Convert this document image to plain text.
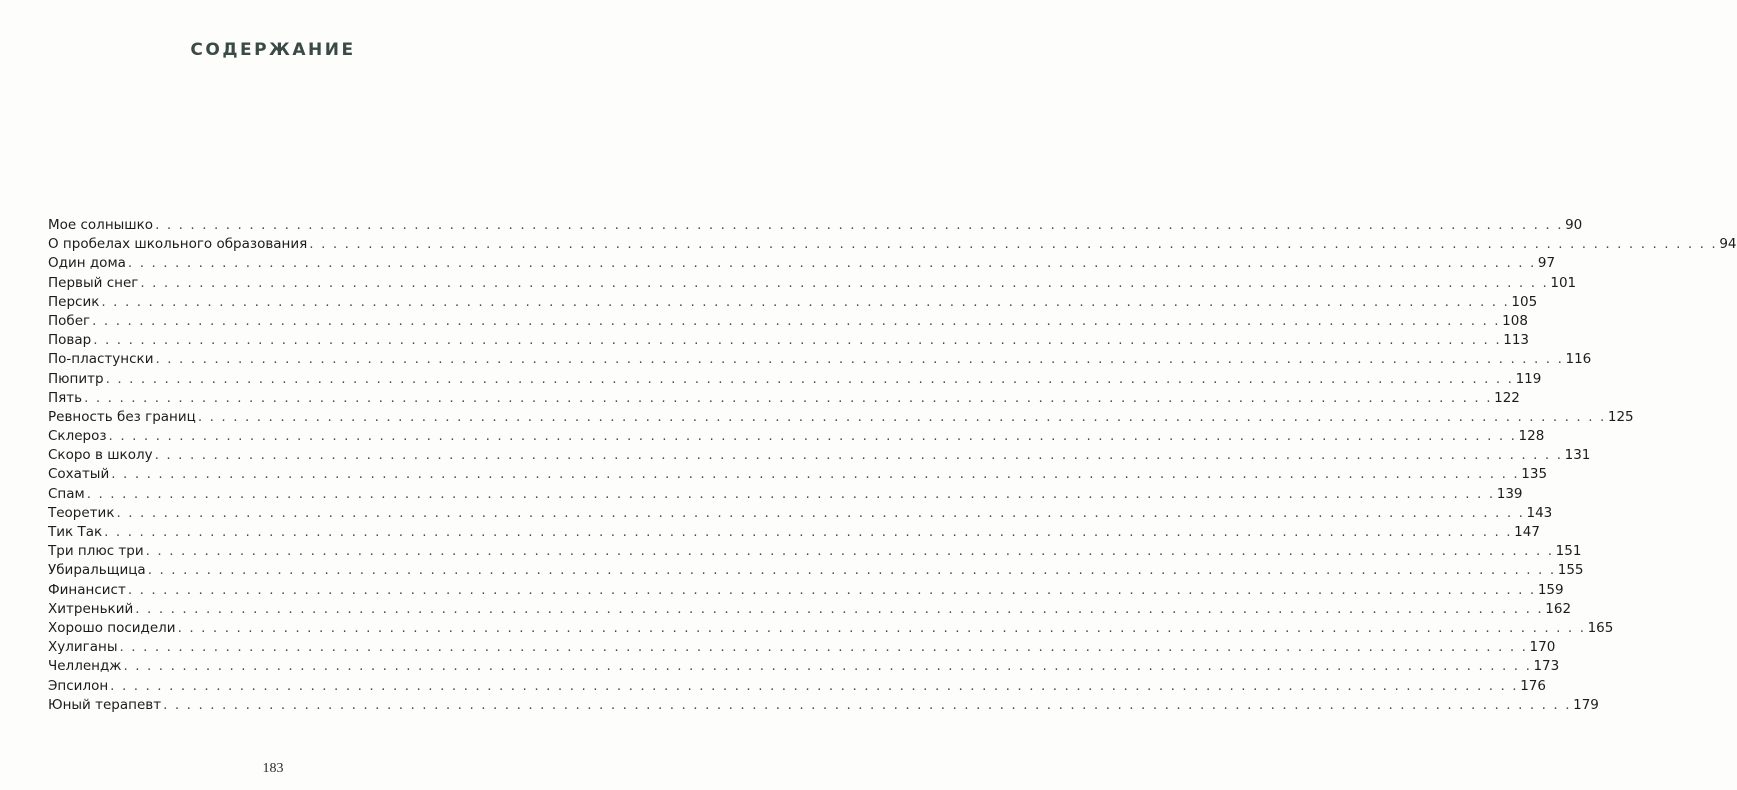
СОДЕРЖАНИЕ
Мое солнышко . . . . . . . . . . . . . . . . . . . . . . . . . . . . . . . . . . . . . . . . . . . . . . . . . . . . . . . . . . . . . . . . . . . . . . . . . . . . . . . . . . . . . . . . . . . . . . . . . . . . . . . . . . . . . . . . . . . . . . . . 90
О пробелах школьного образования . . . . . . . . . . . . . . . . . . . . . . . . . . . . . . . . . . . . . . . . . . . . . . . . . . . . . . . . . . . . . . . . . . . . . . . . . . . . . . . . . . . . . . . . . . . . . . . . . . . . . . . . . . . . . . . . . . . . . . . . 94
Один дома . . . . . . . . . . . . . . . . . . . . . . . . . . . . . . . . . . . . . . . . . . . . . . . . . . . . . . . . . . . . . . . . . . . . . . . . . . . . . . . . . . . . . . . . . . . . . . . . . . . . . . . . . . . . . . . . . . . . . . . . 97
Первый снег . . . . . . . . . . . . . . . . . . . . . . . . . . . . . . . . . . . . . . . . . . . . . . . . . . . . . . . . . . . . . . . . . . . . . . . . . . . . . . . . . . . . . . . . . . . . . . . . . . . . . . . . . . . . . . . . . . . . . . . . 101
Персик . . . . . . . . . . . . . . . . . . . . . . . . . . . . . . . . . . . . . . . . . . . . . . . . . . . . . . . . . . . . . . . . . . . . . . . . . . . . . . . . . . . . . . . . . . . . . . . . . . . . . . . . . . . . . . . . . . . . . . . . 105
Побег . . . . . . . . . . . . . . . . . . . . . . . . . . . . . . . . . . . . . . . . . . . . . . . . . . . . . . . . . . . . . . . . . . . . . . . . . . . . . . . . . . . . . . . . . . . . . . . . . . . . . . . . . . . . . . . . . . . . . . . . 108
Повар . . . . . . . . . . . . . . . . . . . . . . . . . . . . . . . . . . . . . . . . . . . . . . . . . . . . . . . . . . . . . . . . . . . . . . . . . . . . . . . . . . . . . . . . . . . . . . . . . . . . . . . . . . . . . . . . . . . . . . . . 113
По-пластунски . . . . . . . . . . . . . . . . . . . . . . . . . . . . . . . . . . . . . . . . . . . . . . . . . . . . . . . . . . . . . . . . . . . . . . . . . . . . . . . . . . . . . . . . . . . . . . . . . . . . . . . . . . . . . . . . . . . . . . . . 116
Пюпитр . . . . . . . . . . . . . . . . . . . . . . . . . . . . . . . . . . . . . . . . . . . . . . . . . . . . . . . . . . . . . . . . . . . . . . . . . . . . . . . . . . . . . . . . . . . . . . . . . . . . . . . . . . . . . . . . . . . . . . . . 119
Пять . . . . . . . . . . . . . . . . . . . . . . . . . . . . . . . . . . . . . . . . . . . . . . . . . . . . . . . . . . . . . . . . . . . . . . . . . . . . . . . . . . . . . . . . . . . . . . . . . . . . . . . . . . . . . . . . . . . . . . . . 122
Ревность без границ . . . . . . . . . . . . . . . . . . . . . . . . . . . . . . . . . . . . . . . . . . . . . . . . . . . . . . . . . . . . . . . . . . . . . . . . . . . . . . . . . . . . . . . . . . . . . . . . . . . . . . . . . . . . . . . . . . . . . . . . 125
Склероз . . . . . . . . . . . . . . . . . . . . . . . . . . . . . . . . . . . . . . . . . . . . . . . . . . . . . . . . . . . . . . . . . . . . . . . . . . . . . . . . . . . . . . . . . . . . . . . . . . . . . . . . . . . . . . . . . . . . . . . . 128
Скоро в школу . . . . . . . . . . . . . . . . . . . . . . . . . . . . . . . . . . . . . . . . . . . . . . . . . . . . . . . . . . . . . . . . . . . . . . . . . . . . . . . . . . . . . . . . . . . . . . . . . . . . . . . . . . . . . . . . . . . . . . . . 131
Сохатый . . . . . . . . . . . . . . . . . . . . . . . . . . . . . . . . . . . . . . . . . . . . . . . . . . . . . . . . . . . . . . . . . . . . . . . . . . . . . . . . . . . . . . . . . . . . . . . . . . . . . . . . . . . . . . . . . . . . . . . . 135
Спам . . . . . . . . . . . . . . . . . . . . . . . . . . . . . . . . . . . . . . . . . . . . . . . . . . . . . . . . . . . . . . . . . . . . . . . . . . . . . . . . . . . . . . . . . . . . . . . . . . . . . . . . . . . . . . . . . . . . . . . . 139
Теоретик . . . . . . . . . . . . . . . . . . . . . . . . . . . . . . . . . . . . . . . . . . . . . . . . . . . . . . . . . . . . . . . . . . . . . . . . . . . . . . . . . . . . . . . . . . . . . . . . . . . . . . . . . . . . . . . . . . . . . . . . 143
Тик Так . . . . . . . . . . . . . . . . . . . . . . . . . . . . . . . . . . . . . . . . . . . . . . . . . . . . . . . . . . . . . . . . . . . . . . . . . . . . . . . . . . . . . . . . . . . . . . . . . . . . . . . . . . . . . . . . . . . . . . . . 147
Три плюс три . . . . . . . . . . . . . . . . . . . . . . . . . . . . . . . . . . . . . . . . . . . . . . . . . . . . . . . . . . . . . . . . . . . . . . . . . . . . . . . . . . . . . . . . . . . . . . . . . . . . . . . . . . . . . . . . . . . . . . . . 151
Убиральщица . . . . . . . . . . . . . . . . . . . . . . . . . . . . . . . . . . . . . . . . . . . . . . . . . . . . . . . . . . . . . . . . . . . . . . . . . . . . . . . . . . . . . . . . . . . . . . . . . . . . . . . . . . . . . . . . . . . . . . . . 155
Финансист . . . . . . . . . . . . . . . . . . . . . . . . . . . . . . . . . . . . . . . . . . . . . . . . . . . . . . . . . . . . . . . . . . . . . . . . . . . . . . . . . . . . . . . . . . . . . . . . . . . . . . . . . . . . . . . . . . . . . . . . 159
Хитренький . . . . . . . . . . . . . . . . . . . . . . . . . . . . . . . . . . . . . . . . . . . . . . . . . . . . . . . . . . . . . . . . . . . . . . . . . . . . . . . . . . . . . . . . . . . . . . . . . . . . . . . . . . . . . . . . . . . . . . . . 162
Хорошо посидели . . . . . . . . . . . . . . . . . . . . . . . . . . . . . . . . . . . . . . . . . . . . . . . . . . . . . . . . . . . . . . . . . . . . . . . . . . . . . . . . . . . . . . . . . . . . . . . . . . . . . . . . . . . . . . . . . . . . . . . . 165
Хулиганы . . . . . . . . . . . . . . . . . . . . . . . . . . . . . . . . . . . . . . . . . . . . . . . . . . . . . . . . . . . . . . . . . . . . . . . . . . . . . . . . . . . . . . . . . . . . . . . . . . . . . . . . . . . . . . . . . . . . . . . . 170
Челлендж . . . . . . . . . . . . . . . . . . . . . . . . . . . . . . . . . . . . . . . . . . . . . . . . . . . . . . . . . . . . . . . . . . . . . . . . . . . . . . . . . . . . . . . . . . . . . . . . . . . . . . . . . . . . . . . . . . . . . . . . 173
Эпсилон . . . . . . . . . . . . . . . . . . . . . . . . . . . . . . . . . . . . . . . . . . . . . . . . . . . . . . . . . . . . . . . . . . . . . . . . . . . . . . . . . . . . . . . . . . . . . . . . . . . . . . . . . . . . . . . . . . . . . . . . 176
Юный терапевт . . . . . . . . . . . . . . . . . . . . . . . . . . . . . . . . . . . . . . . . . . . . . . . . . . . . . . . . . . . . . . . . . . . . . . . . . . . . . . . . . . . . . . . . . . . . . . . . . . . . . . . . . . . . . . . . . . . . . . . . 179
183
